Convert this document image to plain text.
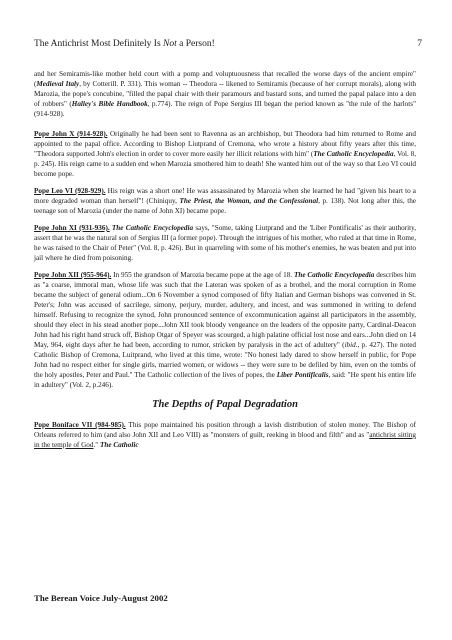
The Antichrist Most Definitely Is Not a Person!	7

and her Semiramis-like mother held court with a pomp and voluptuousness that recalled the worse days of the ancient empire" (Medieval Italy, by Cotterill. P. 331). This woman -- Theodora -- likened to Semiramis (because of her corrupt morals), along with Marozia, the pope's concubine, "filled the papal chair with their paramours and bastard sons, and turned the papal palace into a den of robbers" (Halley's Bible Handbook, p.774). The reign of Pope Sergius III began the period known as "the rule of the harlots" (914-928).

Pope John X (914-928). Originally he had been sent to Ravenna as an archbishop, but Theodora had him returned to Rome and appointed to the papal office. According to Bishop Liutprand of Cremona, who wrote a history about fifty years after this time, "Theodora supported John's election in order to cover more easily her illicit relations with him" (The Catholic Encyclopedia, Vol. 8, p. 245). His reign came to a sudden end when Marozia smothered him to death! She wanted him out of the way so that Leo VI could become pope.

Pope Leo VI (928-929). His reign was a short one! He was assassinated by Marozia when she learned he had "given his heart to a more degraded woman than herself"! (Chiniquy, The Priest, the Woman, and the Confessional, p. 138). Not long after this, the teenage son of Marozia (under the name of John XI) became pope.

Pope John XI (931-936). The Catholic Encyclopedia says, "Some, taking Liutprand and the 'Liber Pontificalis' as their authority, assert that he was the natural son of Sergius III (a former pope). Through the intrigues of his mother, who ruled at that time in Rome, he was raised to the Chair of Peter" (Vol. 8, p. 426). But in quarreling with some of his mother's enemies, he was beaten and put into jail where he died from poisoning.

Pope John XII (955-964). In 955 the grandson of Marozia became pope at the age of 18. The Catholic Encyclopedia describes him as "a coarse, immoral man, whose life was such that the Lateran was spoken of as a brothel, and the moral corruption in Rome became the subject of general odium...On 6 November a synod composed of fifty Italian and German bishops was convened in St. Peter's; John was accused of sacrilege, simony, perjury, murder, adultery, and incest, and was summoned in writing to defend himself. Refusing to recognize the synod, John pronounced sentence of excommunication against all participators in the assembly, should they elect in his stead another pope...John XII took bloody vengeance on the leaders of the opposite party, Cardinal-Deacon John had his right hand struck off, Bishop Otgar of Speyer was scourged, a high palatine official lost nose and ears...John died on 14 May, 964, eight days after he had been, according to rumor, stricken by paralysis in the act of adultery" (ibid., p. 427). The noted Catholic Bishop of Cremona, Luitprand, who lived at this time, wrote: "No honest lady dared to show herself in public, for Pope John had no respect either for single girls, married women, or widows -- they were sure to be defiled by him, even on the tombs of the holy apostles, Peter and Paul." The Catholic collection of the lives of popes, the Liber Pontificalis, said: "He spent his entire life in adultery" (Vol. 2, p.246).

The Depths of Papal Degradation

Pope Boniface VII (984-985). This pope maintained his position through a lavish distribution of stolen money. The Bishop of Orleans referred to him (and also John XII and Leo VIII) as "monsters of guilt, reeking in blood and filth" and as "antichrist sitting in the temple of God." The Catholic

The Berean Voice July-August 2002
